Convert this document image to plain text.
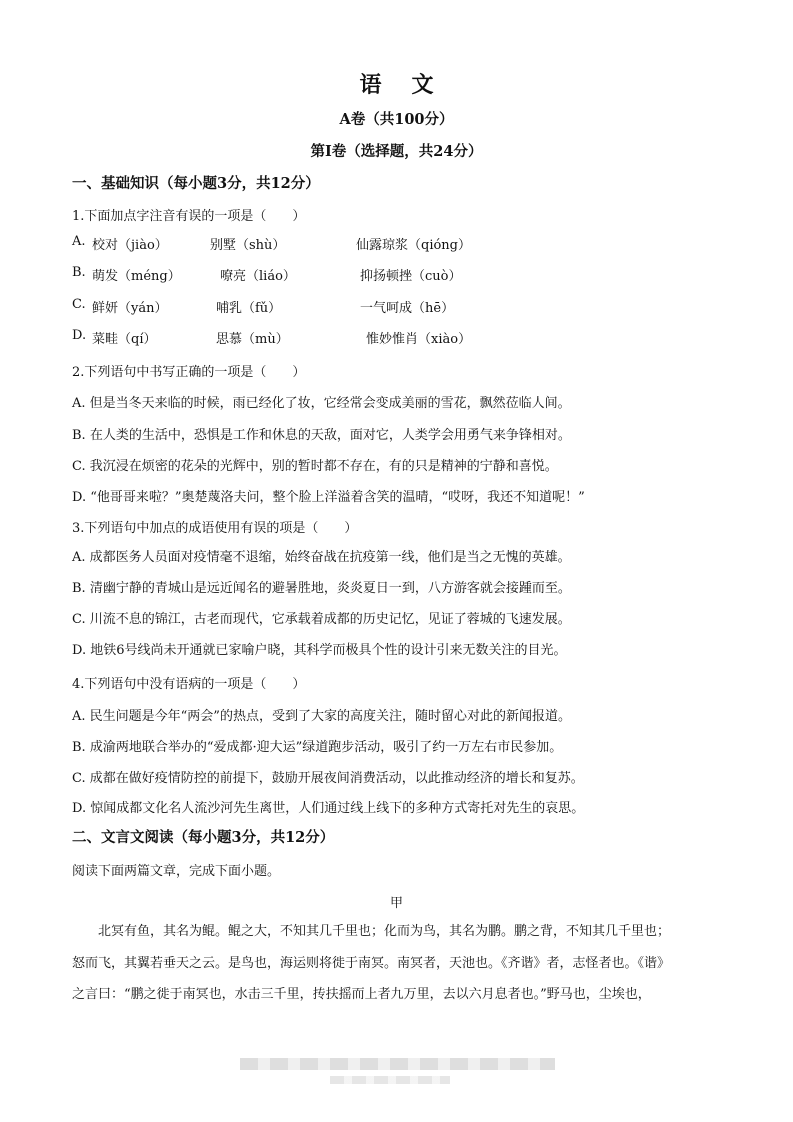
语文
A卷（共100分）
第Ⅰ卷（选择题，共24分）
一、基础知识（每小题3分，共12分）
1.下面加点字注音有误的一项是（　　）
A. 校对（jiào）	别墅（shù）	仙露琼浆（qióng）
B. 萌发（méng）	嘹亮（liáo）	抑扬顿挫（cuò）
C. 鲜妍（yán）	哺乳（fǔ）	一气呵成（hē）
D. 菜畦（qí）	思慕（mù）	惟妙惟肖（xiào）
2.下列语句中书写正确的一项是（　　）
A. 但是当冬天来临的时候，雨已经化了妆，它经常会变成美丽的雪花，飘然莅临人间。
B. 在人类的生活中，恐惧是工作和休息的天敌，面对它，人类学会用勇气来争锋相对。
C. 我沉浸在烦密的花朵的光辉中，别的暂时都不存在，有的只是精神的宁静和喜悦。
D. “他哥哥来啦？”奥楚蔑洛夫问，整个脸上洋溢着含笑的温晴，“哎呀，我还不知道呢！”
3.下列语句中加点的成语使用有误的项是（　　）
A. 成都医务人员面对疫情毫不退缩，始终奋战在抗疫第一线，他们是当之无愧的英雄。
B. 清幽宁静的青城山是远近闻名的避暑胜地，炎炎夏日一到，八方游客就会接踵而至。
C. 川流不息的锦江，古老而现代，它承载着成都的历史记忆，见证了蓉城的飞速发展。
D. 地铁6号线尚未开通就已家喻户晓，其科学而极具个性的设计引来无数关注的目光。
4.下列语句中没有语病的一项是（　　）
A. 民生问题是今年“两会”的热点，受到了大家的高度关注，随时留心对此的新闻报道。
B. 成渝两地联合举办的“爱成都·迎大运”绿道跑步活动，吸引了约一万左右市民参加。
C. 成都在做好疫情防控的前提下，鼓励开展夜间消费活动，以此推动经济的增长和复苏。
D. 惊闻成都文化名人流沙河先生离世，人们通过线上线下的多种方式寄托对先生的哀思。
二、文言文阅读（每小题3分，共12分）
阅读下面两篇文章，完成下面小题。
甲
北冥有鱼，其名为鲲。鲲之大，不知其几千里也；化而为鸟，其名为鹏。鹏之背，不知其几千里也；
怒而飞，其翼若垂天之云。是鸟也，海运则将徙于南冥。南冥者，天池也。《齐谐》者，志怪者也。《谐》
之言曰：“鹏之徙于南冥也，水击三千里，抟扶摇而上者九万里，去以六月息者也。”野马也，尘埃也，
